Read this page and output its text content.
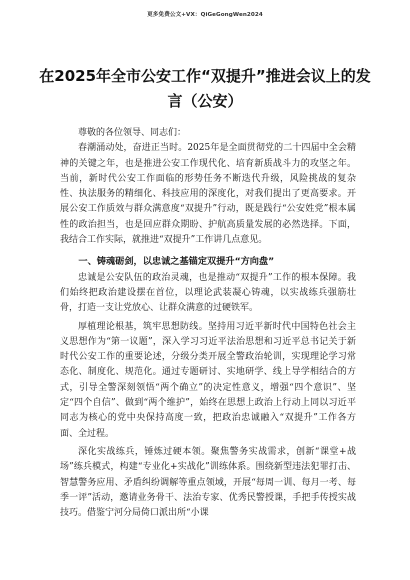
更多免费公文+VX：QiGeGongWen2024
在2025年全市公安工作“双提升”推进会议上的发言（公安）

尊敬的各位领导、同志们：

春潮涌动处，奋进正当时。2025年是全面贯彻党的二十四届中全会精神的关键之年，也是推进公安工作现代化、培育新质战斗力的攻坚之年。当前，新时代公安工作面临的形势任务不断迭代升级，风险挑战的复杂性、执法服务的精细化、科技应用的深度化，对我们提出了更高要求。开展公安工作质效与群众满意度“双提升”行动，既是践行“公安姓党”根本属性的政治担当，也是回应群众期盼、护航高质量发展的必然选择。下面，我结合工作实际，就推进“双提升”工作讲几点意见。

一、铸魂砺剑，以忠诚之基锚定双提升“方向盘”

忠诚是公安队伍的政治灵魂，也是推动“双提升”工作的根本保障。我们始终把政治建设摆在首位，以理论武装凝心铸魂，以实战练兵强筋壮骨，打造一支让党放心、让群众满意的过硬铁军。

厚植理论根基，筑牢思想防线。坚持用习近平新时代中国特色社会主义思想作为“第一议题”，深入学习习近平法治思想和习近平总书记关于新时代公安工作的重要论述，分级分类开展全警政治轮训，实现理论学习常态化、制度化、规范化。通过专题研讨、实地研学、线上导学相结合的方式，引导全警深刻领悟“两个确立”的决定性意义，增强“四个意识”、坚定“四个自信”、做到“两个维护”，始终在思想上政治上行动上同以习近平同志为核心的党中央保持高度一致，把政治忠诚融入“双提升”工作各方面、全过程。

深化实战练兵，锤炼过硬本领。聚焦警务实战需求，创新“课堂+战场”练兵模式，构建“专业化+实战化”训练体系。围绕新型违法犯罪打击、智慧警务应用、矛盾纠纷调解等重点领域，开展“每周一训、每月一考、每季一评”活动，邀请业务骨干、法治专家、优秀民警授课，手把手传授实战技巧。借鉴宁河分局倚口派出所“小课
